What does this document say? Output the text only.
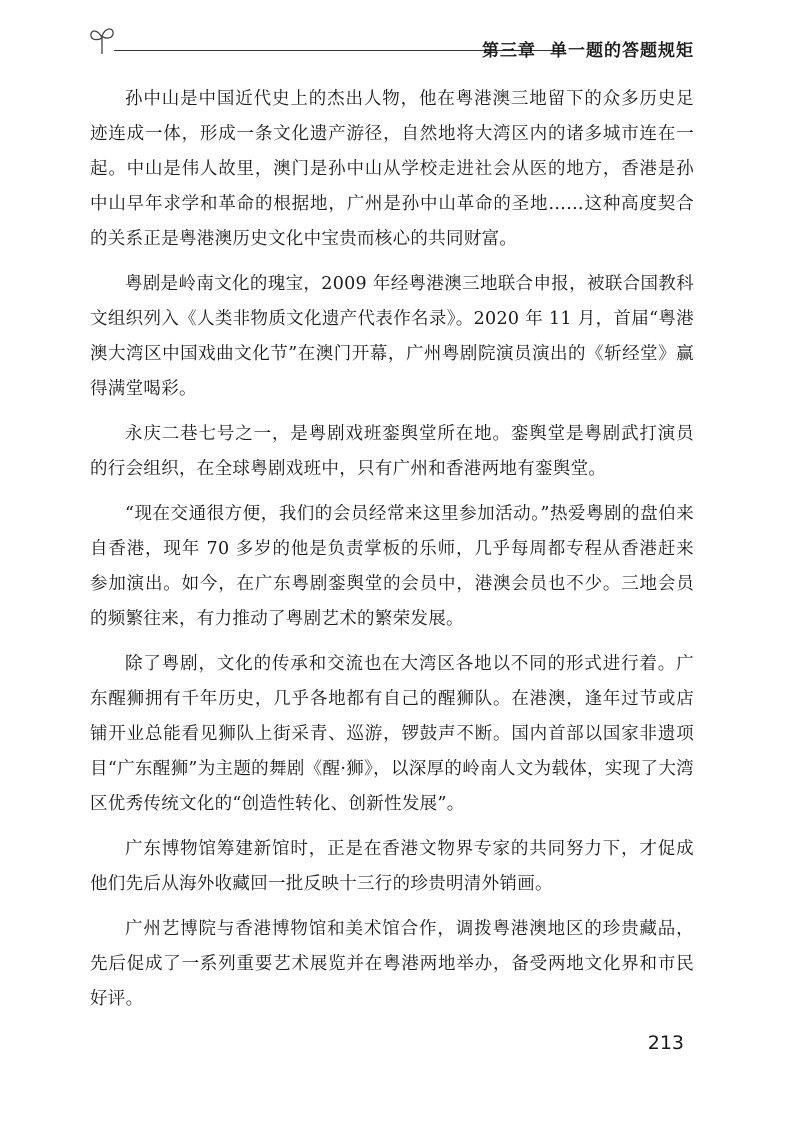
第三章 单一题的答题规矩

孙中山是中国近代史上的杰出人物，他在粤港澳三地留下的众多历史足迹连成一体，形成一条文化遗产游径，自然地将大湾区内的诸多城市连在一起。中山是伟人故里，澳门是孙中山从学校走进社会从医的地方，香港是孙中山早年求学和革命的根据地，广州是孙中山革命的圣地……这种高度契合的关系正是粤港澳历史文化中宝贵而核心的共同财富。

粤剧是岭南文化的瑰宝，2009 年经粤港澳三地联合申报，被联合国教科文组织列入《人类非物质文化遗产代表作名录》。2020 年 11 月，首届“粤港澳大湾区中国戏曲文化节”在澳门开幕，广州粤剧院演员演出的《斩经堂》赢得满堂喝彩。

永庆二巷七号之一，是粤剧戏班銮舆堂所在地。銮舆堂是粤剧武打演员的行会组织，在全球粤剧戏班中，只有广州和香港两地有銮舆堂。

“现在交通很方便，我们的会员经常来这里参加活动。”热爱粤剧的盘伯来自香港，现年 70 多岁的他是负责掌板的乐师，几乎每周都专程从香港赶来参加演出。如今，在广东粤剧銮舆堂的会员中，港澳会员也不少。三地会员的频繁往来，有力推动了粤剧艺术的繁荣发展。

除了粤剧，文化的传承和交流也在大湾区各地以不同的形式进行着。广东醒狮拥有千年历史，几乎各地都有自己的醒狮队。在港澳，逢年过节或店铺开业总能看见狮队上街采青、巡游，锣鼓声不断。国内首部以国家非遗项目“广东醒狮”为主题的舞剧《醒·狮》，以深厚的岭南人文为载体，实现了大湾区优秀传统文化的“创造性转化、创新性发展”。

广东博物馆筹建新馆时，正是在香港文物界专家的共同努力下，才促成他们先后从海外收藏回一批反映十三行的珍贵明清外销画。

广州艺博院与香港博物馆和美术馆合作，调拨粤港澳地区的珍贵藏品，先后促成了一系列重要艺术展览并在粤港两地举办，备受两地文化界和市民好评。

213
